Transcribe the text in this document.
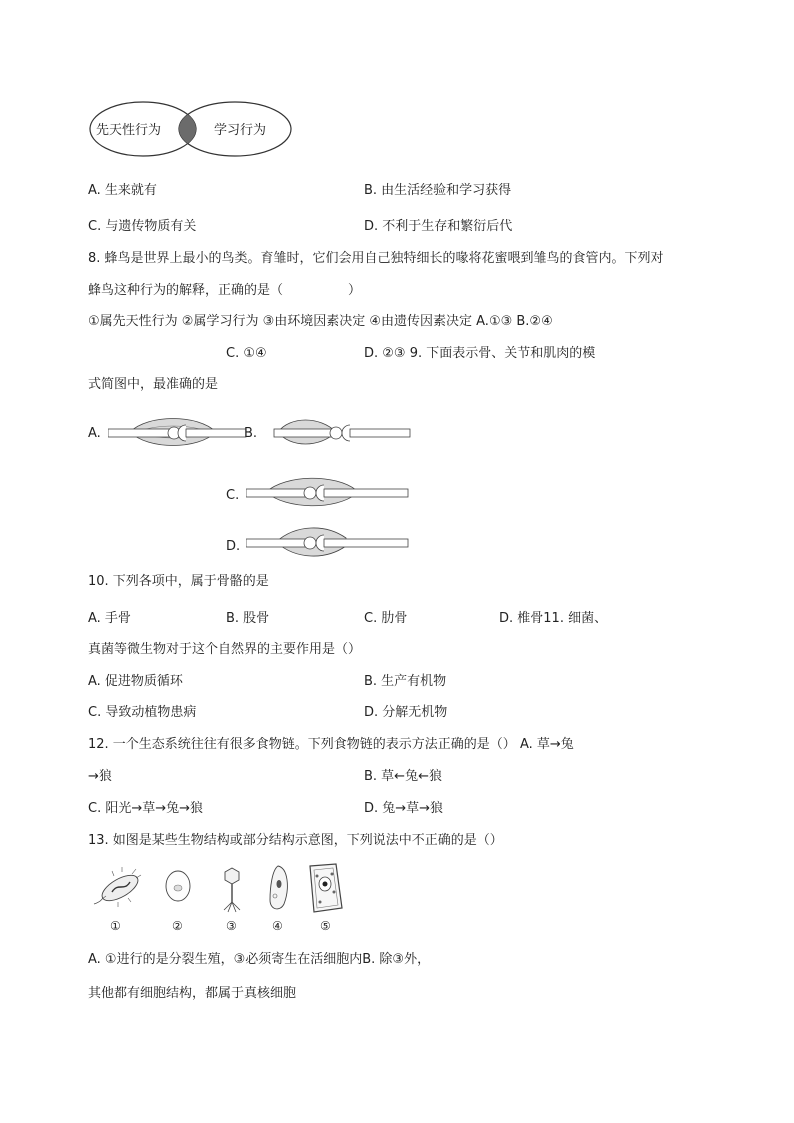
先天性行为	学习行为
A. 生来就有	B. 由生活经验和学习获得
C. 与遗传物质有关	D. 不利于生存和繁衍后代
8. 蜂鸟是世界上最小的鸟类。育雏时，它们会用自己独特细长的喙将花蜜喂到雏鸟的食管内。下列对
蜂鸟这种行为的解释，正确的是（　　　　　）
①属先天性行为 ②属学习行为 ③由环境因素决定 ④由遗传因素决定 A.①③ B.②④
C. ①④	D. ②③ 9. 下面表示骨、关节和肌肉的模
式简图中，最准确的是
A.	B.
C.
D.
10. 下列各项中，属于骨骼的是
A. 手骨	B. 股骨	C. 肋骨	D. 椎骨11. 细菌、
真菌等微生物对于这个自然界的主要作用是（）
A. 促进物质循环	B. 生产有机物
C. 导致动植物患病	D. 分解无机物
12. 一个生态系统往往有很多食物链。下列食物链的表示方法正确的是（） A. 草→兔
→狼	B. 草←兔←狼
C. 阳光→草→兔→狼	D. 兔→草→狼
13. 如图是某些生物结构或部分结构示意图，下列说法中不正确的是（）
①	②	③	④	⑤
A. ①进行的是分裂生殖，③必须寄生在活细胞内B. 除③外，
其他都有细胞结构，都属于真核细胞
